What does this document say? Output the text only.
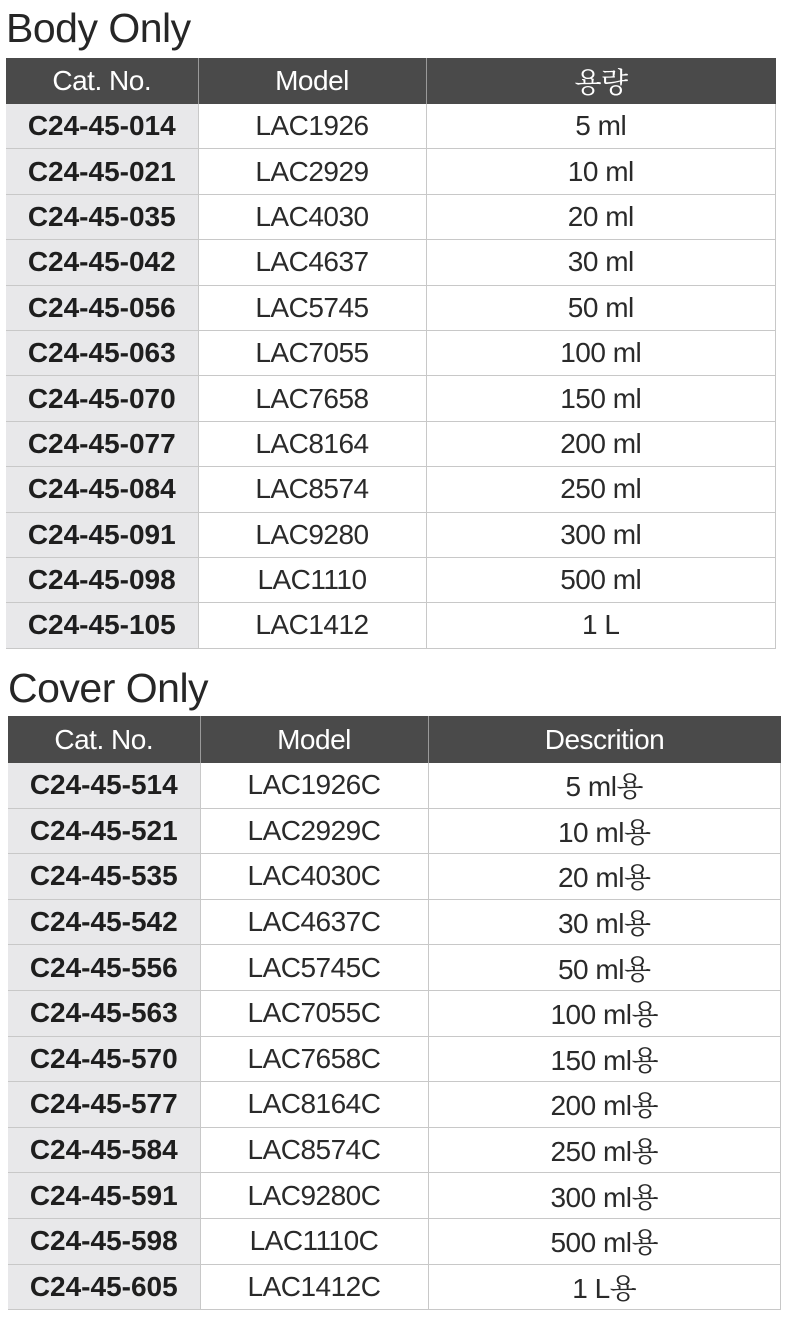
Body Only
Cat. No.	Model	용량
C24-45-014	LAC1926	5 ml
C24-45-021	LAC2929	10 ml
C24-45-035	LAC4030	20 ml
C24-45-042	LAC4637	30 ml
C24-45-056	LAC5745	50 ml
C24-45-063	LAC7055	100 ml
C24-45-070	LAC7658	150 ml
C24-45-077	LAC8164	200 ml
C24-45-084	LAC8574	250 ml
C24-45-091	LAC9280	300 ml
C24-45-098	LAC1110	500 ml
C24-45-105	LAC1412	1 L
Cover Only
Cat. No.	Model	Descrition
C24-45-514	LAC1926C	5 ml용
C24-45-521	LAC2929C	10 ml용
C24-45-535	LAC4030C	20 ml용
C24-45-542	LAC4637C	30 ml용
C24-45-556	LAC5745C	50 ml용
C24-45-563	LAC7055C	100 ml용
C24-45-570	LAC7658C	150 ml용
C24-45-577	LAC8164C	200 ml용
C24-45-584	LAC8574C	250 ml용
C24-45-591	LAC9280C	300 ml용
C24-45-598	LAC1110C	500 ml용
C24-45-605	LAC1412C	1 L용
